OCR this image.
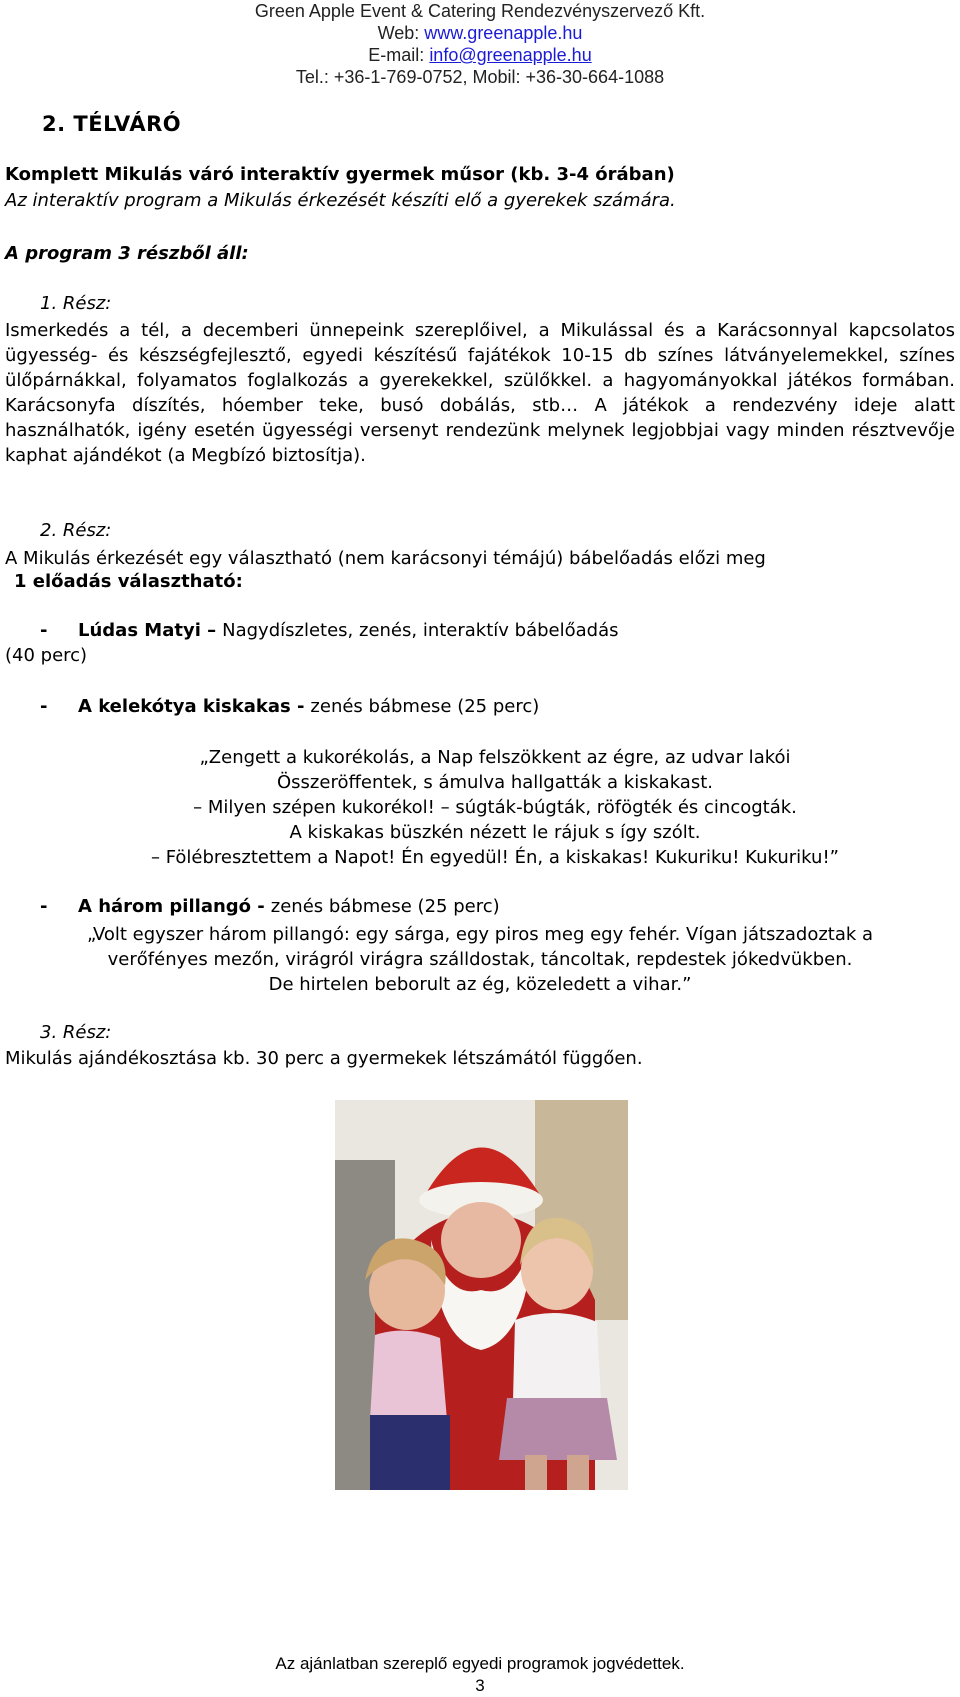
Green Apple Event & Catering Rendezvényszervező Kft.
Web: www.greenapple.hu
E-mail: info@greenapple.hu
Tel.: +36-1-769-0752, Mobil: +36-30-664-1088
2. TÉLVÁRÓ
Komplett Mikulás váró interaktív gyermek műsor (kb. 3-4 órában)
Az interaktív program a Mikulás érkezését készíti elő a gyerekek számára.
A program 3 részből áll:
1. Rész:
Ismerkedés a tél, a decemberi ünnepeink szereplőivel, a Mikulással és a Karácsonnyal kapcsolatos ügyesség- és készségfejlesztő, egyedi készítésű fajátékok 10-15 db színes látványelemekkel, színes ülőpárnákkal, folyamatos foglalkozás a gyerekekkel, szülőkkel. a hagyományokkal játékos formában. Karácsonyfa díszítés, hóember teke, busó dobálás, stb… A játékok a rendezvény ideje alatt használhatók, igény esetén ügyességi versenyt rendezünk melynek legjobbjai vagy minden résztvevője kaphat ajándékot (a Megbízó biztosítja).
2. Rész:
A Mikulás érkezését egy választható (nem karácsonyi témájú) bábelőadás előzi meg
1 előadás választható:
- Lúdas Matyi – Nagydíszletes, zenés, interaktív bábelőadás
(40 perc)
- A kelekótya kiskakas - zenés bábmese (25 perc)
„Zengett a kukorékolás, a Nap felszökkent az égre, az udvar lakói
Összeröffentek, s ámulva hallgatták a kiskakast.
– Milyen szépen kukorékol! – súgták-búgták, röfögték és cincogták.
A kiskakas büszkén nézett le rájuk s így szólt.
– Fölébresztettem a Napot! Én egyedül! Én, a kiskakas! Kukuriku! Kukuriku!”
- A három pillangó - zenés bábmese (25 perc)
„Volt egyszer három pillangó: egy sárga, egy piros meg egy fehér. Vígan játszadoztak a
verőfényes mezőn, virágról virágra szálldostak, táncoltak, repdestek jókedvükben.
De hirtelen beborult az ég, közeledett a vihar.”
3. Rész:
Mikulás ajándékosztása kb. 30 perc a gyermekek létszámától függően.
Az ajánlatban szereplő egyedi programok jogvédettek.
3
